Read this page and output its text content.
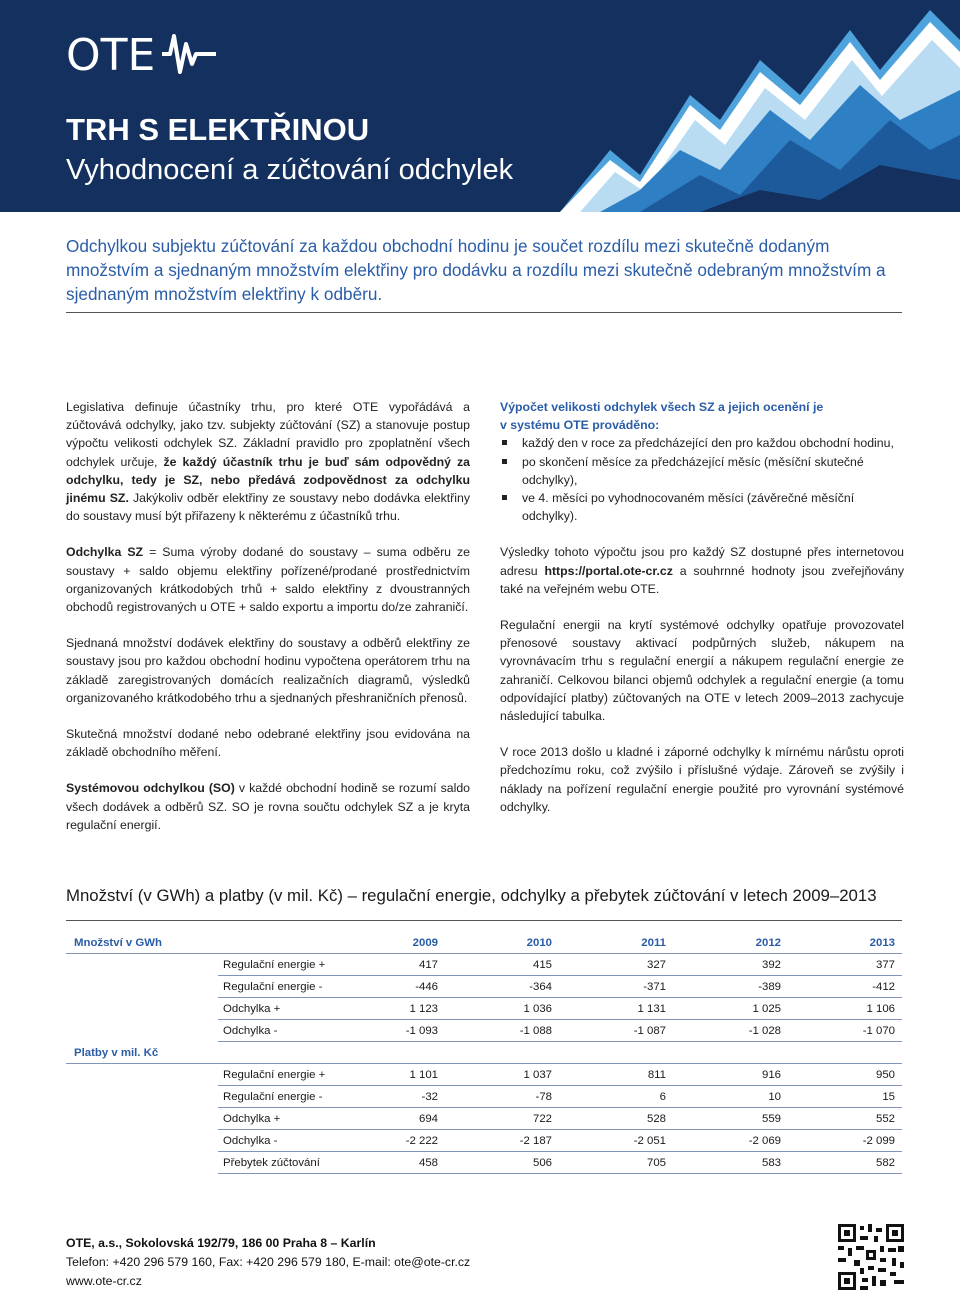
OTE
TRH S ELEKTŘINOU
Vyhodnocení a zúčtování odchylek
Odchylkou subjektu zúčtování za každou obchodní hodinu je součet rozdílu mezi skutečně dodaným množstvím a sjednaným množstvím elektřiny pro dodávku a rozdílu mezi skutečně odebraným množstvím a sjednaným množstvím elektřiny k odběru.

Legislativa definuje účastníky trhu, pro které OTE vypořádává a zúčtovává odchylky, jako tzv. subjekty zúčtování (SZ) a stanovuje postup výpočtu velikosti odchylek SZ. Základní pravidlo pro zpoplatnění všech odchylek určuje, že každý účastník trhu je buď sám odpovědný za odchylku, tedy je SZ, nebo předává zodpovědnost za odchylku jinému SZ. Jakýkoliv odběr elektřiny ze soustavy nebo dodávka elektřiny do soustavy musí být přiřazeny k některému z účastníků trhu.

Odchylka SZ = Suma výroby dodané do soustavy – suma odběru ze soustavy + saldo objemu elektřiny pořízené/prodané prostřednictvím organizovaných krátkodobých trhů + saldo elektřiny z dvoustranných obchodů registrovaných u OTE + saldo exportu a importu do/ze zahraničí.

Sjednaná množství dodávek elektřiny do soustavy a odběrů elektřiny ze soustavy jsou pro každou obchodní hodinu vypočtena operátorem trhu na základě zaregistrovaných domácích realizačních diagramů, výsledků organizovaného krátkodobého trhu a sjednaných přeshraničních přenosů.

Skutečná množství dodané nebo odebrané elektřiny jsou evidována na základě obchodního měření.

Systémovou odchylkou (SO) v každé obchodní hodině se rozumí saldo všech dodávek a odběrů SZ. SO je rovna součtu odchylek SZ a je kryta regulační energií.

Výpočet velikosti odchylek všech SZ a jejich ocenění je
v systému OTE prováděno:
každý den v roce za předcházející den pro každou obchodní hodinu,
po skončení měsíce za předcházející měsíc (měsíční skutečné odchylky),
ve 4. měsíci po vyhodnocovaném měsíci (závěrečné měsíční odchylky).

Výsledky tohoto výpočtu jsou pro každý SZ dostupné přes internetovou adresu https://portal.ote-cr.cz a souhrnné hodnoty jsou zveřejňovány také na veřejném webu OTE.

Regulační energii na krytí systémové odchylky opatřuje provozovatel přenosové soustavy aktivací podpůrných služeb, nákupem na vyrovnávacím trhu s regulační energií a nákupem regulační energie ze zahraničí. Celkovou bilanci objemů odchylek a regulační energie (a tomu odpovídající platby) zúčtovaných na OTE v letech 2009–2013 zachycuje následující tabulka.

V roce 2013 došlo u kladné i záporné odchylky k mírnému nárůstu oproti předchozímu roku, což zvýšilo i příslušné výdaje. Zároveň se zvýšily i náklady na pořízení regulační energie použité pro vyrovnání systémové odchylky.

Množství (v GWh) a platby (v mil. Kč) – regulační energie, odchylky a přebytek zúčtování v letech 2009–2013
Množství v GWh	2009	2010	2011	2012	2013
Regulační energie +	417	415	327	392	377
Regulační energie -	-446	-364	-371	-389	-412
Odchylka +	1 123	1 036	1 131	1 025	1 106
Odchylka -	-1 093	-1 088	-1 087	-1 028	-1 070
Platby v mil. Kč
Regulační energie +	1 101	1 037	811	916	950
Regulační energie -	-32	-78	6	10	15
Odchylka +	694	722	528	559	552
Odchylka -	-2 222	-2 187	-2 051	-2 069	-2 099
Přebytek zúčtování	458	506	705	583	582
OTE, a.s., Sokolovská 192/79, 186 00 Praha 8 – Karlín
Telefon: +420 296 579 160, Fax: +420 296 579 180, E-mail: ote@ote-cr.cz
www.ote-cr.cz
